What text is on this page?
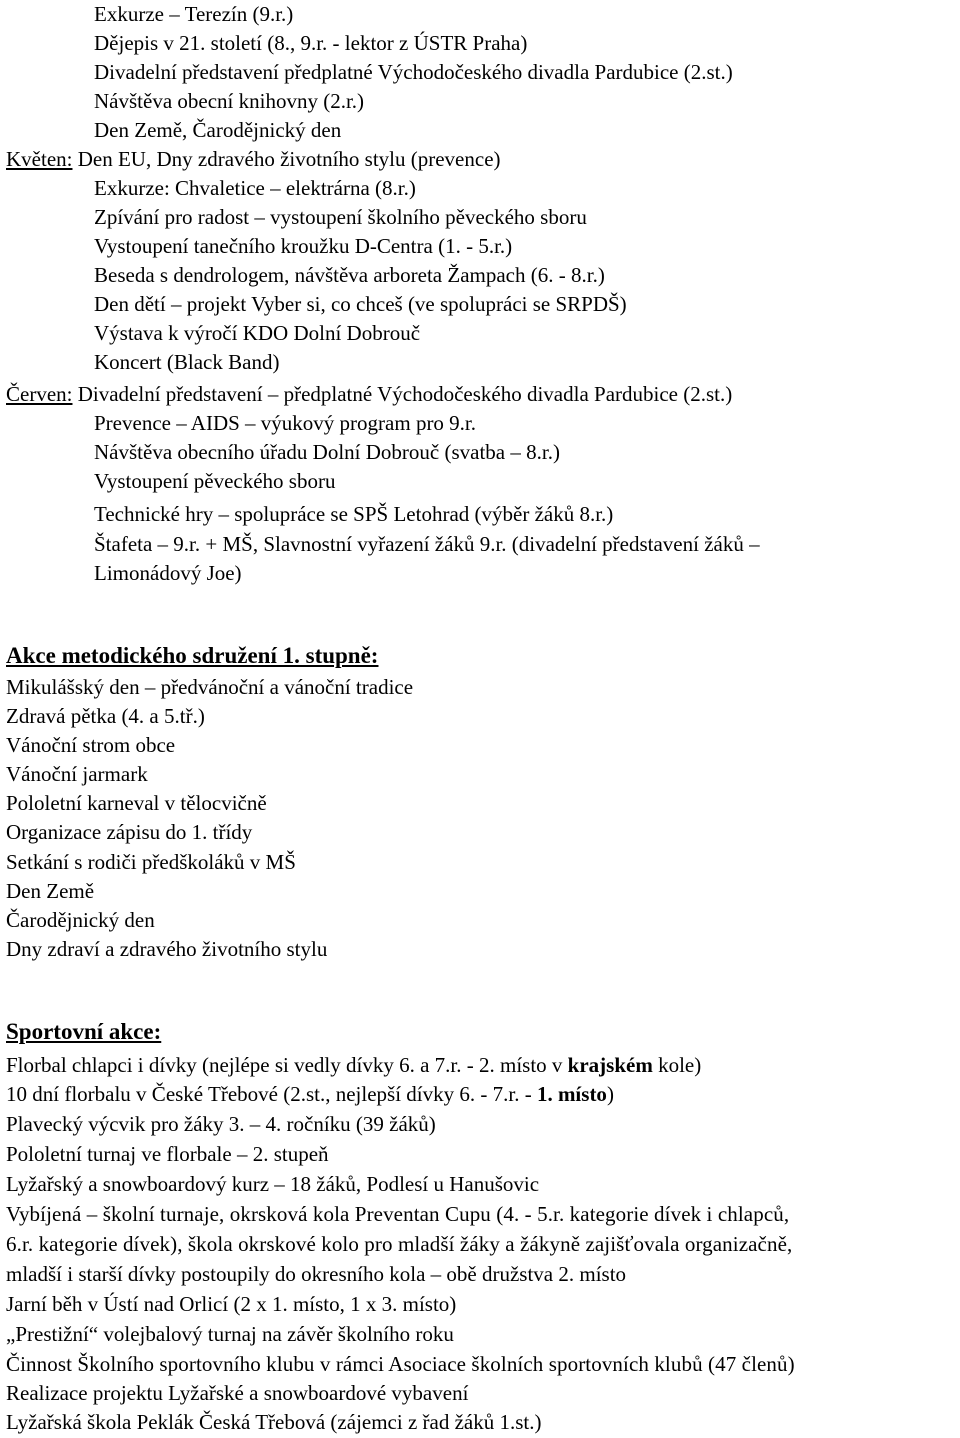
Exkurze – Terezín (9.r.)
Dějepis v 21. století (8., 9.r. - lektor z ÚSTR Praha)
Divadelní představení předplatné Východočeského divadla Pardubice (2.st.)
Návštěva obecní knihovny (2.r.)
Den Země, Čarodějnický den
Květen: Den EU, Dny zdravého životního stylu (prevence)
Exkurze: Chvaletice – elektrárna (8.r.)
Zpívání pro radost – vystoupení školního pěveckého sboru
Vystoupení tanečního kroužku D-Centra (1. - 5.r.)
Beseda s dendrologem, návštěva arboreta Žampach (6. - 8.r.)
Den dětí – projekt Vyber si, co chceš (ve spolupráci se SRPDŠ)
Výstava k výročí KDO Dolní Dobrouč
Koncert (Black Band)
Červen: Divadelní představení – předplatné Východočeského divadla Pardubice (2.st.)
Prevence – AIDS – výukový program pro 9.r.
Návštěva obecního úřadu Dolní Dobrouč (svatba – 8.r.)
Vystoupení pěveckého sboru
Technické hry – spolupráce se SPŠ Letohrad (výběr žáků 8.r.)
Štafeta – 9.r. + MŠ, Slavnostní vyřazení žáků 9.r. (divadelní představení žáků –
Limonádový Joe)
Akce metodického sdružení 1. stupně:
Mikulášský den – předvánoční a vánoční tradice
Zdravá pětka (4. a 5.tř.)
Vánoční strom obce
Vánoční jarmark
Pololetní karneval v tělocvičně
Organizace zápisu do 1. třídy
Setkání s rodiči předškoláků v MŠ
Den Země
Čarodějnický den
Dny zdraví a zdravého životního stylu
Sportovní akce:
Florbal chlapci i dívky (nejlépe si vedly dívky 6. a 7.r. - 2. místo v krajském kole)
10 dní florbalu v České Třebové (2.st., nejlepší dívky 6. - 7.r. - 1. místo)
Plavecký výcvik pro žáky 3. – 4. ročníku (39 žáků)
Pololetní turnaj ve florbale – 2. stupeň
Lyžařský a snowboardový kurz – 18 žáků, Podlesí u Hanušovic
Vybíjená – školní turnaje, okrsková kola Preventan Cupu (4. - 5.r. kategorie dívek i chlapců,
6.r. kategorie dívek), škola okrskové kolo pro mladší žáky a žákyně zajišťovala organizačně,
mladší i starší dívky postoupily do okresního kola – obě družstva 2. místo
Jarní běh v Ústí nad Orlicí (2 x 1. místo, 1 x 3. místo)
„Prestižní“ volejbalový turnaj na závěr školního roku
Činnost Školního sportovního klubu v rámci Asociace školních sportovních klubů (47 členů)
Realizace projektu Lyžařské a snowboardové vybavení
Lyžařská škola Peklák Česká Třebová (zájemci z řad žáků 1.st.)
